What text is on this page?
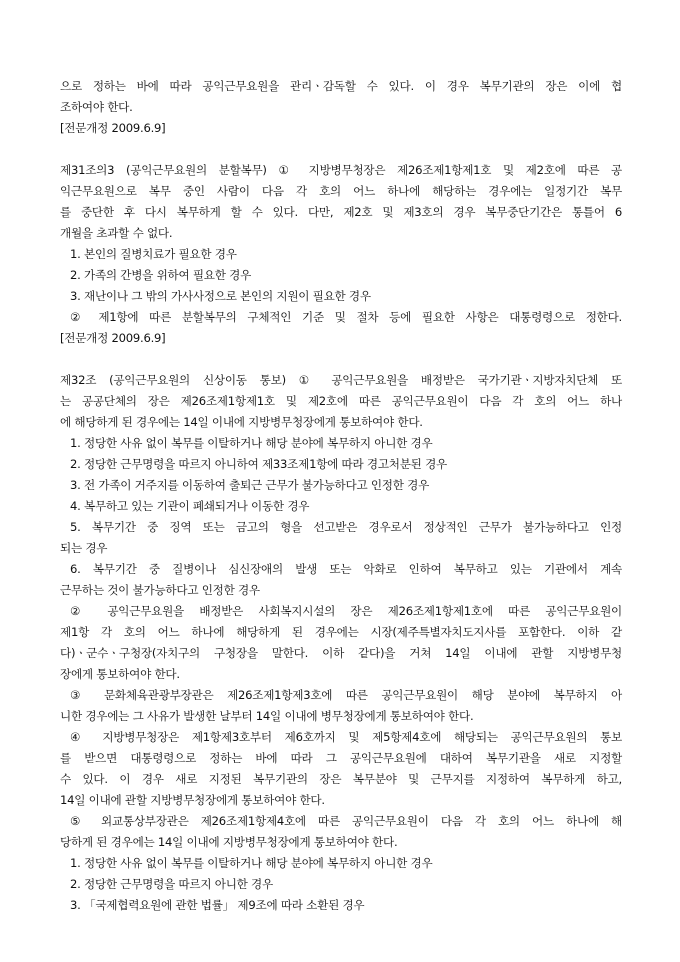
으로 정하는 바에 따라 공익근무요원을 관리ㆍ감독할 수 있다. 이 경우 복무기관의 장은 이에 협
조하여야 한다.
[전문개정 2009.6.9]
제31조의3 (공익근무요원의 분할복무) ① 지방병무청장은 제26조제1항제1호 및 제2호에 따른 공
익근무요원으로 복무 중인 사람이 다음 각 호의 어느 하나에 해당하는 경우에는 일정기간 복무
를 중단한 후 다시 복무하게 할 수 있다. 다만, 제2호 및 제3호의 경우 복무중단기간은 통틀어 6
개월을 초과할 수 없다.
1. 본인의 질병치료가 필요한 경우
2. 가족의 간병을 위하여 필요한 경우
3. 재난이나 그 밖의 가사사정으로 본인의 지원이 필요한 경우
② 제1항에 따른 분할복무의 구체적인 기준 및 절차 등에 필요한 사항은 대통령령으로 정한다.
[전문개정 2009.6.9]
제32조 (공익근무요원의 신상이동 통보) ① 공익근무요원을 배정받은 국가기관ㆍ지방자치단체 또
는 공공단체의 장은 제26조제1항제1호 및 제2호에 따른 공익근무요원이 다음 각 호의 어느 하나
에 해당하게 된 경우에는 14일 이내에 지방병무청장에게 통보하여야 한다.
1. 정당한 사유 없이 복무를 이탈하거나 해당 분야에 복무하지 아니한 경우
2. 정당한 근무명령을 따르지 아니하여 제33조제1항에 따라 경고처분된 경우
3. 전 가족이 거주지를 이동하여 출퇴근 근무가 불가능하다고 인정한 경우
4. 복무하고 있는 기관이 폐쇄되거나 이동한 경우
5. 복무기간 중 징역 또는 금고의 형을 선고받은 경우로서 정상적인 근무가 불가능하다고 인정
되는 경우
6. 복무기간 중 질병이나 심신장애의 발생 또는 악화로 인하여 복무하고 있는 기관에서 계속
근무하는 것이 불가능하다고 인정한 경우
② 공익근무요원을 배정받은 사회복지시설의 장은 제26조제1항제1호에 따른 공익근무요원이
제1항 각 호의 어느 하나에 해당하게 된 경우에는 시장(제주특별자치도지사를 포함한다. 이하 같
다)ㆍ군수ㆍ구청장(자치구의 구청장을 말한다. 이하 같다)을 거쳐 14일 이내에 관할 지방병무청
장에게 통보하여야 한다.
③ 문화체육관광부장관은 제26조제1항제3호에 따른 공익근무요원이 해당 분야에 복무하지 아
니한 경우에는 그 사유가 발생한 날부터 14일 이내에 병무청장에게 통보하여야 한다.
④ 지방병무청장은 제1항제3호부터 제6호까지 및 제5항제4호에 해당되는 공익근무요원의 통보
를 받으면 대통령령으로 정하는 바에 따라 그 공익근무요원에 대하여 복무기관을 새로 지정할
수 있다. 이 경우 새로 지정된 복무기관의 장은 복무분야 및 근무지를 지정하여 복무하게 하고,
14일 이내에 관할 지방병무청장에게 통보하여야 한다.
⑤ 외교통상부장관은 제26조제1항제4호에 따른 공익근무요원이 다음 각 호의 어느 하나에 해
당하게 된 경우에는 14일 이내에 지방병무청장에게 통보하여야 한다.
1. 정당한 사유 없이 복무를 이탈하거나 해당 분야에 복무하지 아니한 경우
2. 정당한 근무명령을 따르지 아니한 경우
3. 「국제협력요원에 관한 법률」 제9조에 따라 소환된 경우
